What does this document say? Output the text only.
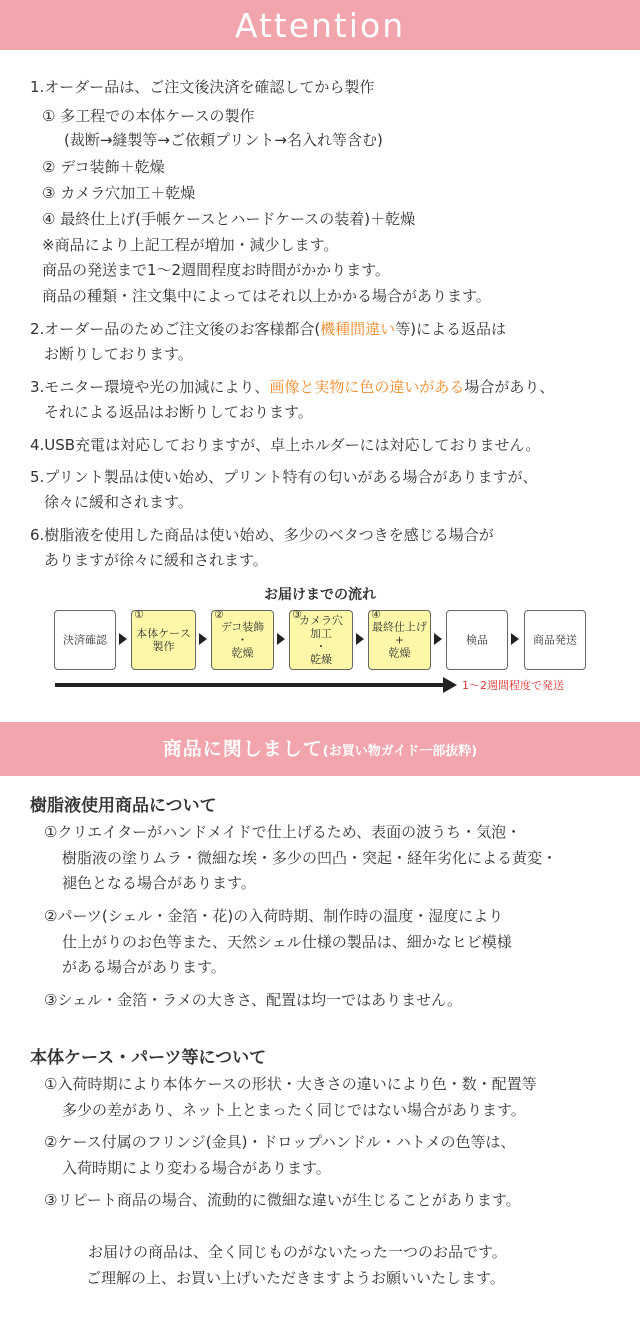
Attention
1.オーダー品は、ご注文後決済を確認してから製作
① 多工程での本体ケースの製作
(裁断→縫製等→ご依頼プリント→名入れ等含む)
② デコ装飾＋乾燥
③ カメラ穴加工＋乾燥
④ 最終仕上げ(手帳ケースとハードケースの装着)＋乾燥
※商品により上記工程が増加・減少します。
商品の発送まで1〜2週間程度お時間がかかります。
商品の種類・注文集中によってはそれ以上かかる場合があります。
2.オーダー品のためご注文後のお客様都合(機種間違い等)による返品は
お断りしております。
3.モニター環境や光の加減により、画像と実物に色の違いがある場合があり、
それによる返品はお断りしております。
4.USB充電は対応しておりますが、卓上ホルダーには対応しておりません。
5.プリント製品は使い始め、プリント特有の匂いがある場合がありますが、
徐々に緩和されます。
6.樹脂液を使用した商品は使い始め、多少のベタつきを感じる場合が
ありますが徐々に緩和されます。
お届けまでの流れ
決済確認
①
本体ケース
製作
②
デコ装飾
・
乾燥
③
カメラ穴
加工
・
乾燥
④
最終仕上げ
+
乾燥
検品	商品発送
1〜2週間程度で発送
商品に関しまして(お買い物ガイド一部抜粋)
樹脂液使用商品について
①クリエイターがハンドメイドで仕上げるため、表面の波うち・気泡・
樹脂液の塗りムラ・微細な埃・多少の凹凸・突起・経年劣化による黄変・
褪色となる場合があります。
②パーツ(シェル・金箔・花)の入荷時期、制作時の温度・湿度により
仕上がりのお色等また、天然シェル仕様の製品は、細かなヒビ模様
がある場合があります。
③シェル・金箔・ラメの大きさ、配置は均一ではありません。
本体ケース・パーツ等について
①入荷時期により本体ケースの形状・大きさの違いにより色・数・配置等
多少の差があり、ネット上とまったく同じではない場合があります。
②ケース付属のフリンジ(金具)・ドロップハンドル・ハトメの色等は、
入荷時期により変わる場合があります。
③リピート商品の場合、流動的に微細な違いが生じることがあります。
お届けの商品は、全く同じものがないたった一つのお品です。
ご理解の上、お買い上げいただきますようお願いいたします。
